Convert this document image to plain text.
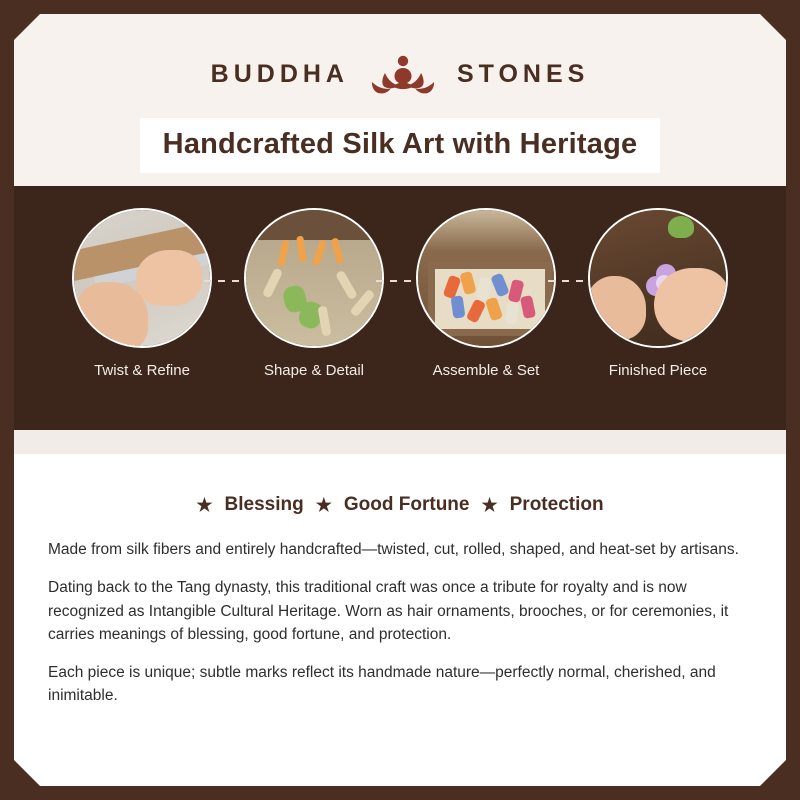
BUDDHA	STONES
Handcrafted Silk Art with Heritage
Twist & Refine	Shape & Detail	Assemble & Set	Finished Piece
★ Blessing ★ Good Fortune ★ Protection

Made from silk fibers and entirely handcrafted—twisted, cut, rolled, shaped, and heat-set by artisans.

Dating back to the Tang dynasty, this traditional craft was once a tribute for royalty and is now recognized as Intangible Cultural Heritage. Worn as hair ornaments, brooches, or for ceremonies, it carries meanings of blessing, good fortune, and protection.

Each piece is unique; subtle marks reflect its handmade nature—perfectly normal, cherished, and inimitable.
